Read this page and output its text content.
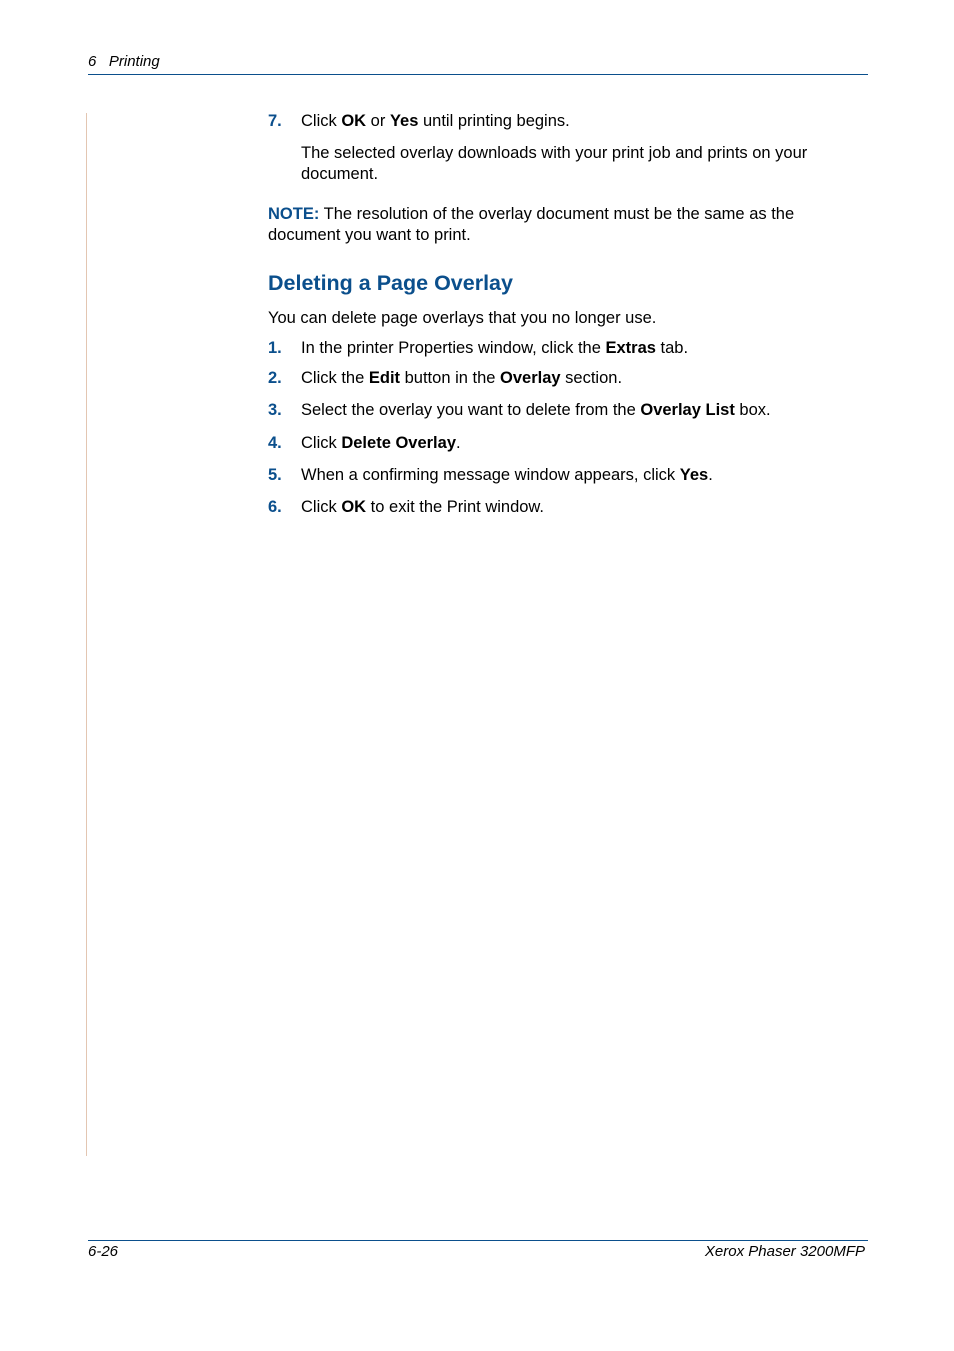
6 Printing
7. Click OK or Yes until printing begins.
The selected overlay downloads with your print job and prints on your
document.
NOTE: The resolution of the overlay document must be the same as the
document you want to print.
Deleting a Page Overlay
You can delete page overlays that you no longer use.
1. In the printer Properties window, click the Extras tab.
2. Click the Edit button in the Overlay section.
3. Select the overlay you want to delete from the Overlay List box.
4. Click Delete Overlay.
5. When a confirming message window appears, click Yes.
6. Click OK to exit the Print window.
6-26	Xerox Phaser 3200MFP
